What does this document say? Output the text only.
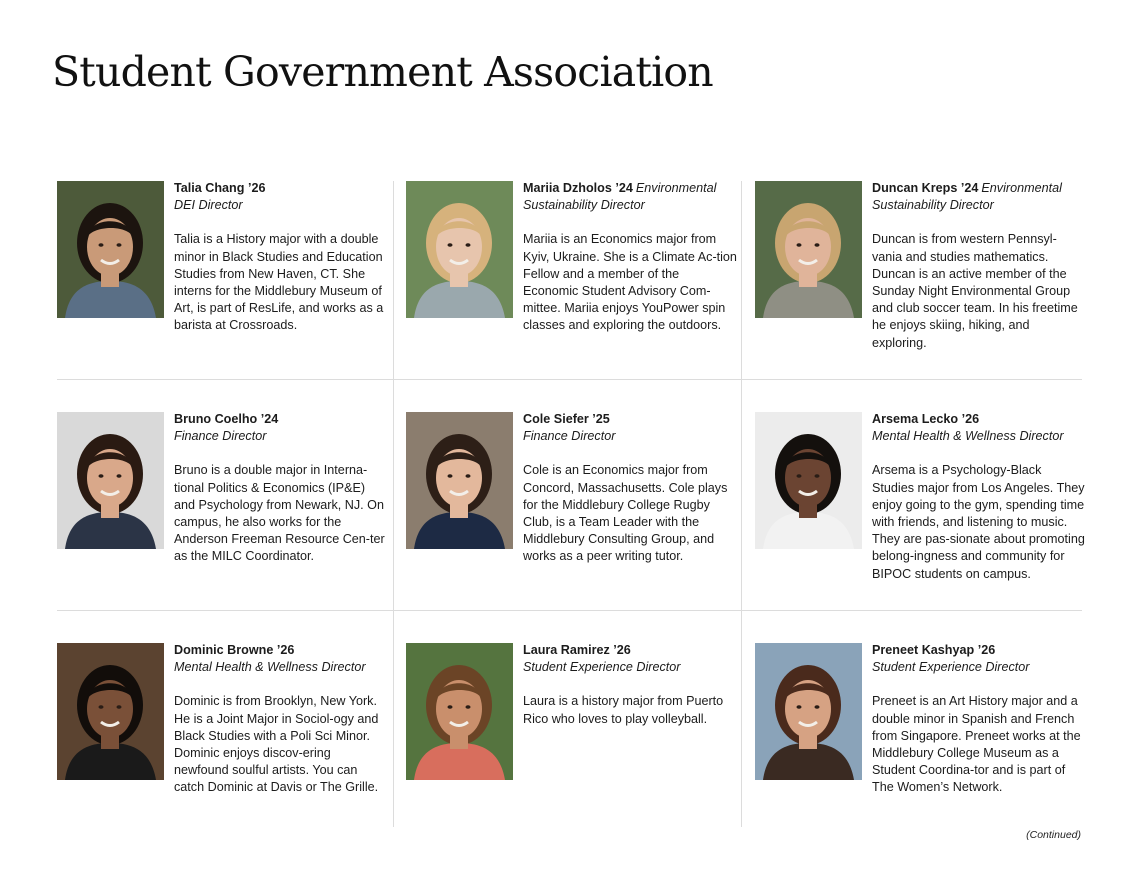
Student Government Association
Talia Chang ’26
DEI Director
Talia is a History major with a double minor in Black Studies and Education Studies from New Haven, CT. She interns for the Middlebury Museum of Art, is part of ResLife, and works as a barista at Crossroads.
Mariia Dzholos ’24 Environmental
Sustainability Director
Mariia is an Economics major from Kyiv, Ukraine. She is a Climate Ac-tion Fellow and a member of the Economic Student Advisory Com-mittee. Mariia enjoys YouPower spin classes and exploring the outdoors.
Duncan Kreps ’24 Environmental
Sustainability Director
Duncan is from western Pennsyl-vania and studies mathematics. Duncan is an active member of the Sunday Night Environmental Group and club soccer team. In his freetime he enjoys skiing, hiking, and exploring.
Bruno Coelho ’24
Finance Director
Bruno is a double major in Interna-tional Politics & Economics (IP&E) and Psychology from Newark, NJ. On campus, he also works for the Anderson Freeman Resource Cen-ter as the MILC Coordinator.
Cole Siefer ’25
Finance Director
Cole is an Economics major from Concord, Massachusetts. Cole plays for the Middlebury College Rugby Club, is a Team Leader with the Middlebury Consulting Group, and works as a peer writing tutor.
Arsema Lecko ’26
Mental Health & Wellness Director
Arsema is a Psychology-Black Studies major from Los Angeles. They enjoy going to the gym, spending time with friends, and listening to music. They are pas-sionate about promoting belong-ingness and community for BIPOC students on campus.
Dominic Browne ’26
Mental Health & Wellness Director
Dominic is from Brooklyn, New York. He is a Joint Major in Sociol-ogy and Black Studies with a Poli Sci Minor. Dominic enjoys discov-ering newfound soulful artists. You can catch Dominic at Davis or The Grille.
Laura Ramirez ’26
Student Experience Director
Laura is a history major from Puerto Rico who loves to play volleyball.
Preneet Kashyap ’26
Student Experience Director
Preneet is an Art History major and a double minor in Spanish and French from Singapore. Preneet works at the Middlebury College Museum as a Student Coordina-tor and is part of The Women’s Network.
(Continued)
